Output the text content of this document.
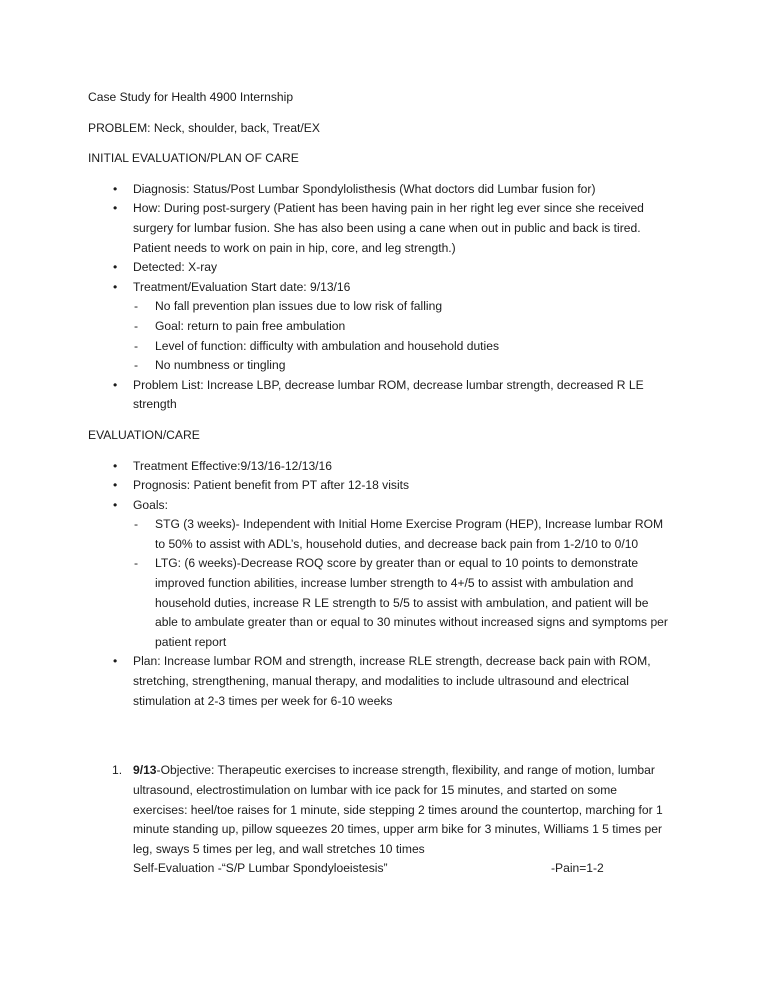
Case Study for Health 4900 Internship

PROBLEM: Neck, shoulder, back, Treat/EX

INITIAL EVALUATION/PLAN OF CARE

•	Diagnosis: Status/Post Lumbar Spondylolisthesis (What doctors did Lumbar fusion for)
•	How: During post-surgery (Patient has been having pain in her right leg ever since she received surgery for lumbar fusion. She has also been using a cane when out in public and back is tired. Patient needs to work on pain in hip, core, and leg strength.)
•	Detected: X-ray
•	Treatment/Evaluation Start date: 9/13/16
-	No fall prevention plan issues due to low risk of falling
-	Goal: return to pain free ambulation
-	Level of function: difficulty with ambulation and household duties
-	No numbness or tingling
•	Problem List: Increase LBP, decrease lumbar ROM, decrease lumbar strength, decreased R LE strength

EVALUATION/CARE

•	Treatment Effective:9/13/16-12/13/16
•	Prognosis: Patient benefit from PT after 12-18 visits
•	Goals:
-	STG (3 weeks)- Independent with Initial Home Exercise Program (HEP), Increase lumbar ROM to 50% to assist with ADL’s, household duties, and decrease back pain from 1-2/10 to 0/10
-	LTG: (6 weeks)-Decrease ROQ score by greater than or equal to 10 points to demonstrate improved function abilities, increase lumber strength to 4+/5 to assist with ambulation and household duties, increase R LE strength to 5/5 to assist with ambulation, and patient will be able to ambulate greater than or equal to 30 minutes without increased signs and symptoms per patient report
•	Plan: Increase lumbar ROM and strength, increase RLE strength, decrease back pain with ROM, stretching, strengthening, manual therapy, and modalities to include ultrasound and electrical stimulation at 2-3 times per week for 6-10 weeks
1. 9/13-Objective: Therapeutic exercises to increase strength, flexibility, and range of motion, lumbar ultrasound, electrostimulation on lumbar with ice pack for 15 minutes, and started on some exercises: heel/toe raises for 1 minute, side stepping 2 times around the countertop, marching for 1 minute standing up, pillow squeezes 20 times, upper arm bike for 3 minutes, Williams 1 5 times per leg, sways 5 times per leg, and wall stretches 10 times
Self-Evaluation -“S/P Lumbar Spondyloeistesis”	-Pain=1-2
